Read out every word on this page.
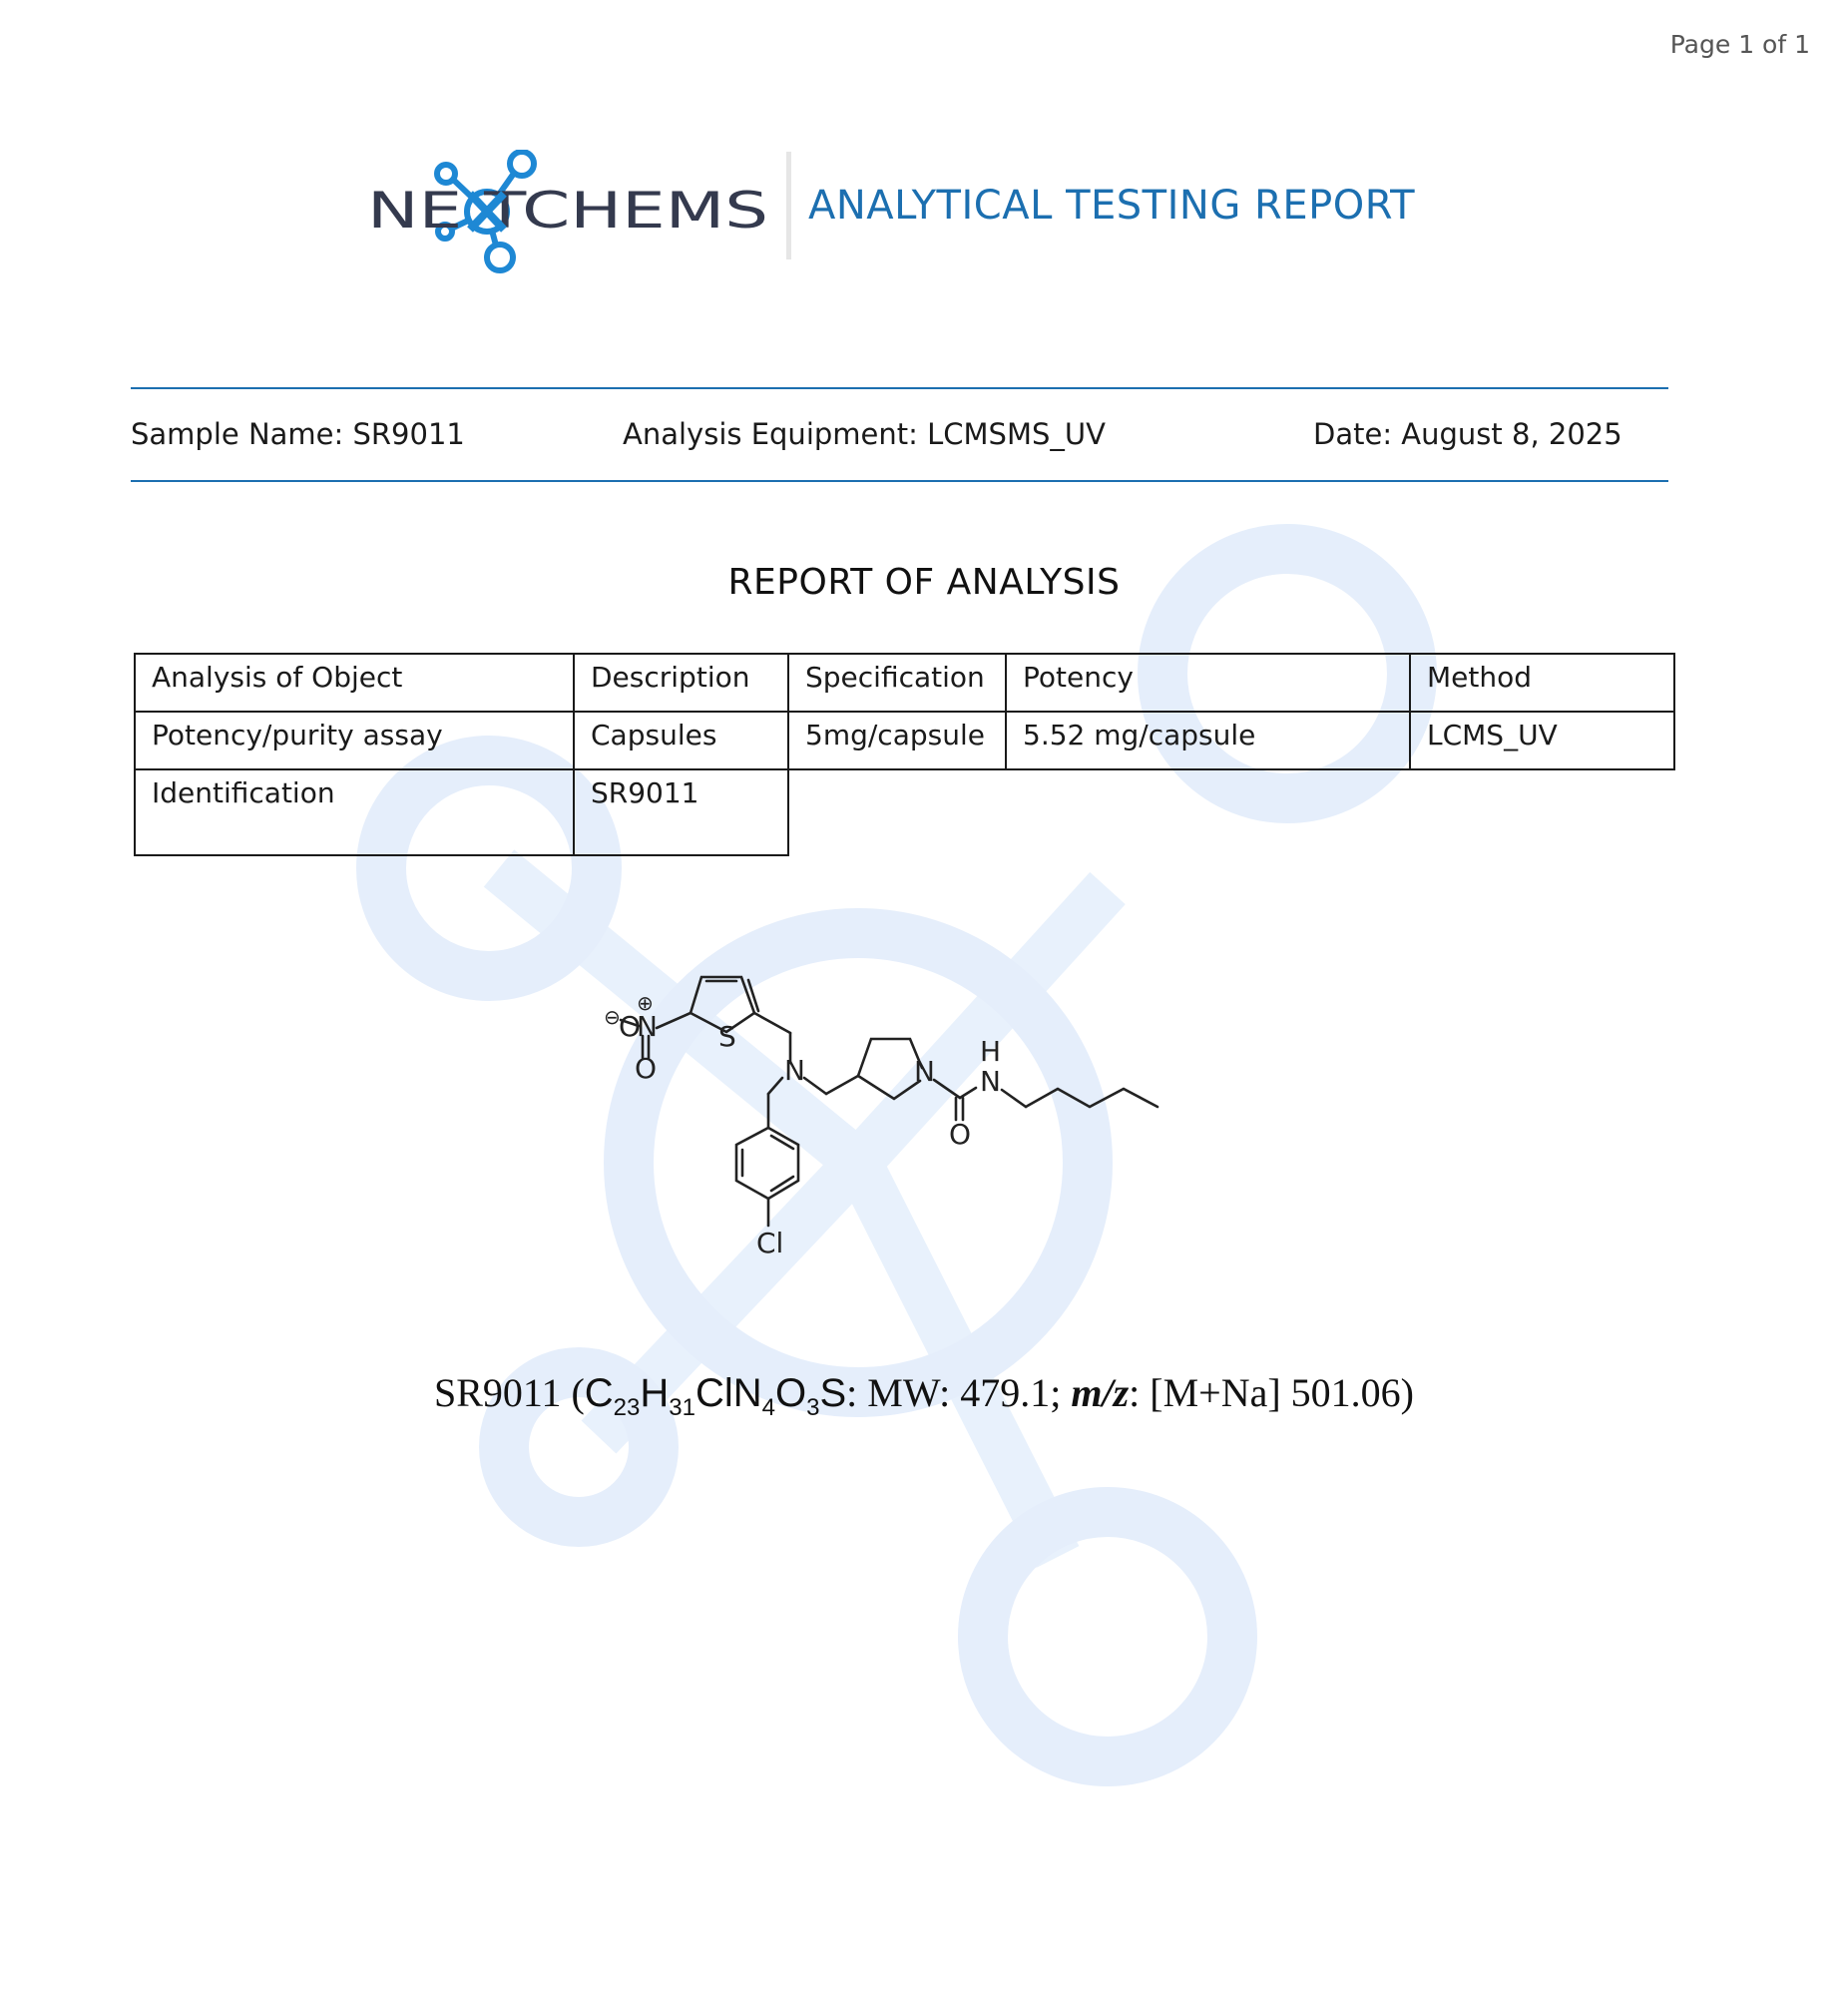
Page 1 of 1
NE TCHEMS ANALYTICAL TESTING REPORT
Sample Name: SR9011	Analysis Equipment: LCMSMS_UV	Date: August 8, 2025
REPORT OF ANALYSIS
Analysis of Object	Description	Specification	Potency	Method
Potency/purity assay	Capsules	5mg/capsule	5.52 mg/capsule	LCMS_UV
Identification	SR9011			
⊖
O
⊕
N
O
S
N	N
H
N
O
Cl
SR9011 ($C_{23}H_{31}ClN_4O_3S$: MW: 479.1; m/z: [M+Na] 501.06)
